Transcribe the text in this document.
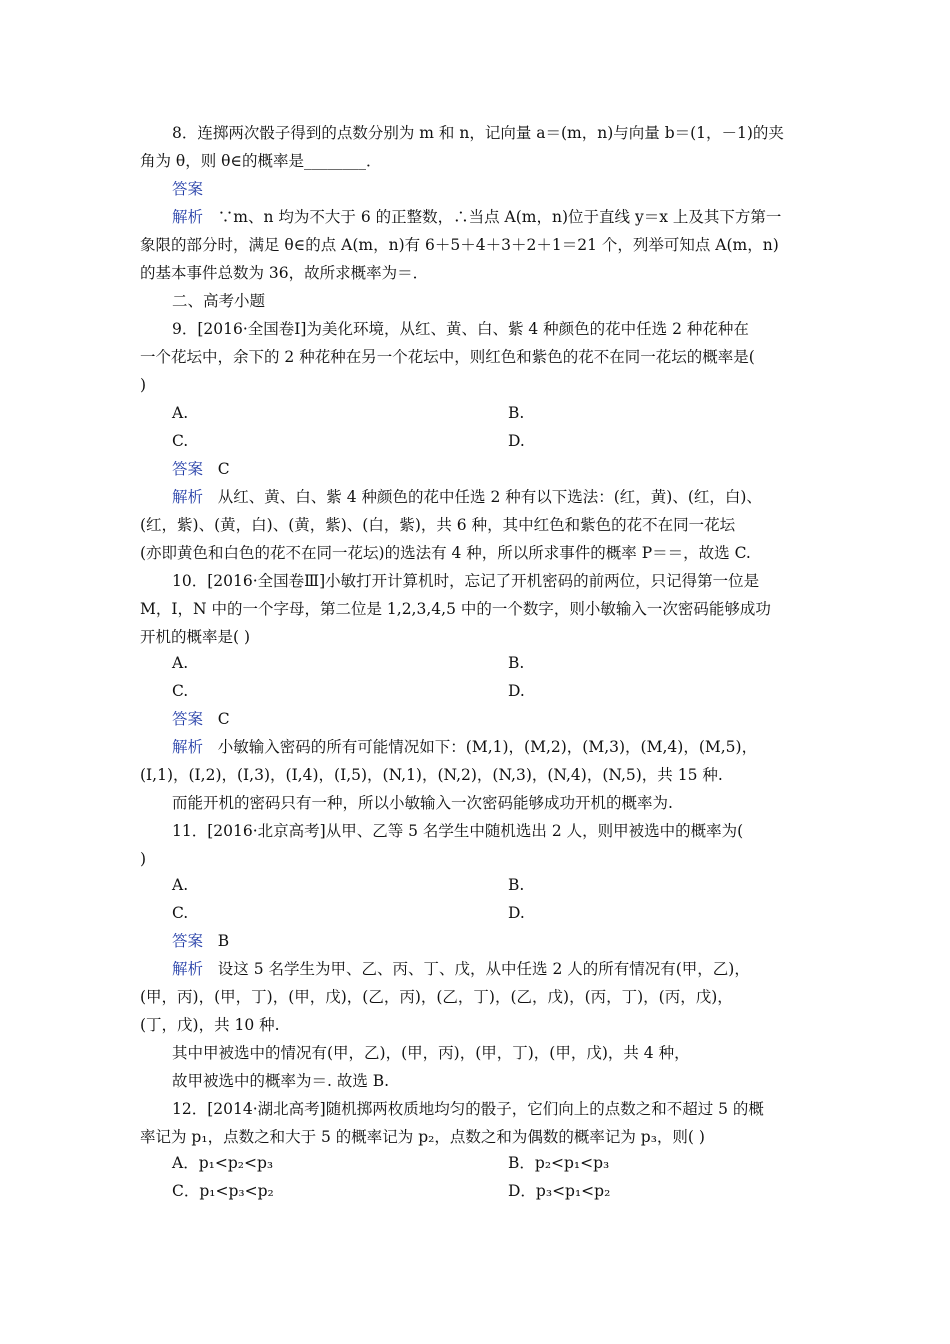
8．连掷两次骰子得到的点数分别为 m 和 n，记向量 a＝(m，n)与向量 b＝(1，－1)的夹
角为 θ，则 θ∈的概率是________．
答案
解析 ∵m、n 均为不大于 6 的正整数，∴当点 A(m，n)位于直线 y＝x 上及其下方第一
象限的部分时，满足 θ∈的点 A(m，n)有 6＋5＋4＋3＋2＋1＝21 个，列举可知点 A(m，n)
的基本事件总数为 36，故所求概率为＝．
二、高考小题
9．[2016·全国卷Ⅰ]为美化环境，从红、黄、白、紫 4 种颜色的花中任选 2 种花种在
一个花坛中，余下的 2 种花种在另一个花坛中，则红色和紫色的花不在同一花坛的概率是(
)
A.	B.
C.	D.
答案 C
解析 从红、黄、白、紫 4 种颜色的花中任选 2 种有以下选法：(红，黄)、(红，白)、
(红，紫)、(黄，白)、(黄，紫)、(白，紫)，共 6 种，其中红色和紫色的花不在同一花坛
(亦即黄色和白色的花不在同一花坛)的选法有 4 种，所以所求事件的概率 P＝＝，故选 C.
10．[2016·全国卷Ⅲ]小敏打开计算机时，忘记了开机密码的前两位，只记得第一位是
M，I，N 中的一个字母，第二位是 1,2,3,4,5 中的一个数字，则小敏输入一次密码能够成功
开机的概率是( )
A.	B.
C.	D.
答案 C
解析 小敏输入密码的所有可能情况如下：(M,1)，(M,2)，(M,3)，(M,4)，(M,5)，
(I,1)，(I,2)，(I,3)，(I,4)，(I,5)，(N,1)，(N,2)，(N,3)，(N,4)，(N,5)，共 15 种.
而能开机的密码只有一种，所以小敏输入一次密码能够成功开机的概率为.
11．[2016·北京高考]从甲、乙等 5 名学生中随机选出 2 人，则甲被选中的概率为(
)
A.	B.
C.	D.
答案 B
解析 设这 5 名学生为甲、乙、丙、丁、戊，从中任选 2 人的所有情况有(甲，乙)，
(甲，丙)，(甲，丁)，(甲，戊)，(乙，丙)，(乙，丁)，(乙，戊)，(丙，丁)，(丙，戊)，
(丁，戊)，共 10 种.
其中甲被选中的情况有(甲，乙)，(甲，丙)，(甲，丁)，(甲，戊)，共 4 种，
故甲被选中的概率为＝. 故选 B.
12．[2014·湖北高考]随机掷两枚质地均匀的骰子，它们向上的点数之和不超过 5 的概
率记为 p₁，点数之和大于 5 的概率记为 p₂，点数之和为偶数的概率记为 p₃，则( )
A．p₁<p₂<p₃	B．p₂<p₁<p₃
C．p₁<p₃<p₂	D．p₃<p₁<p₂
